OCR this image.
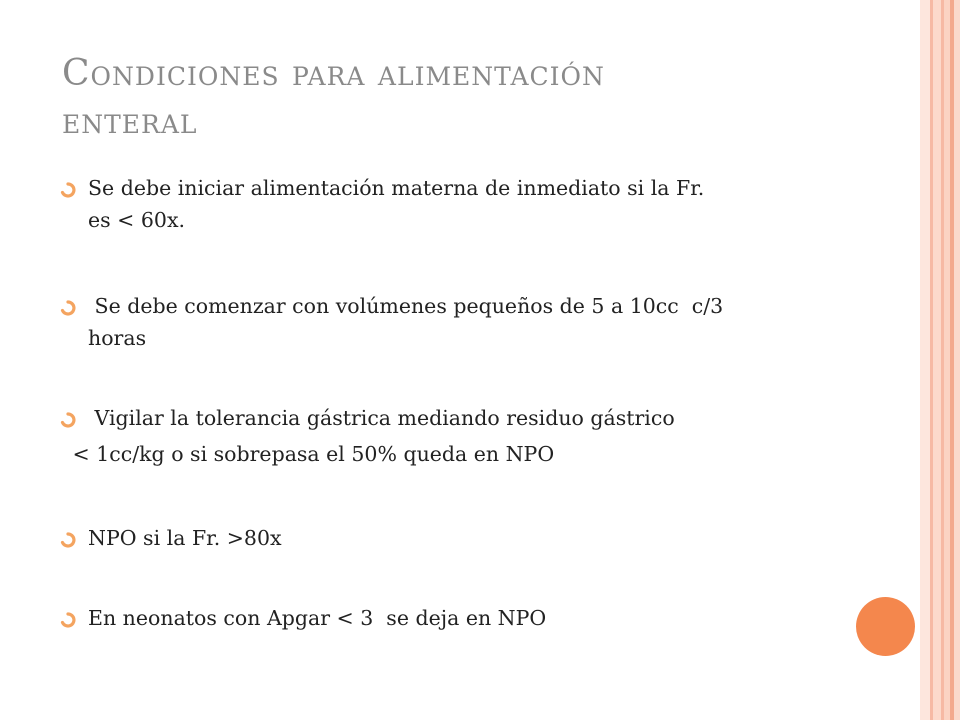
Condiciones para alimentación
enteral
Se debe iniciar alimentación materna de inmediato si la Fr.
es < 60x.
Se debe comenzar con volúmenes pequeños de 5 a 10cc  c/3
horas
Vigilar la tolerancia gástrica mediando residuo gástrico
< 1cc/kg o si sobrepasa el 50% queda en NPO
NPO si la Fr. >80x
En neonatos con Apgar < 3  se deja en NPO
